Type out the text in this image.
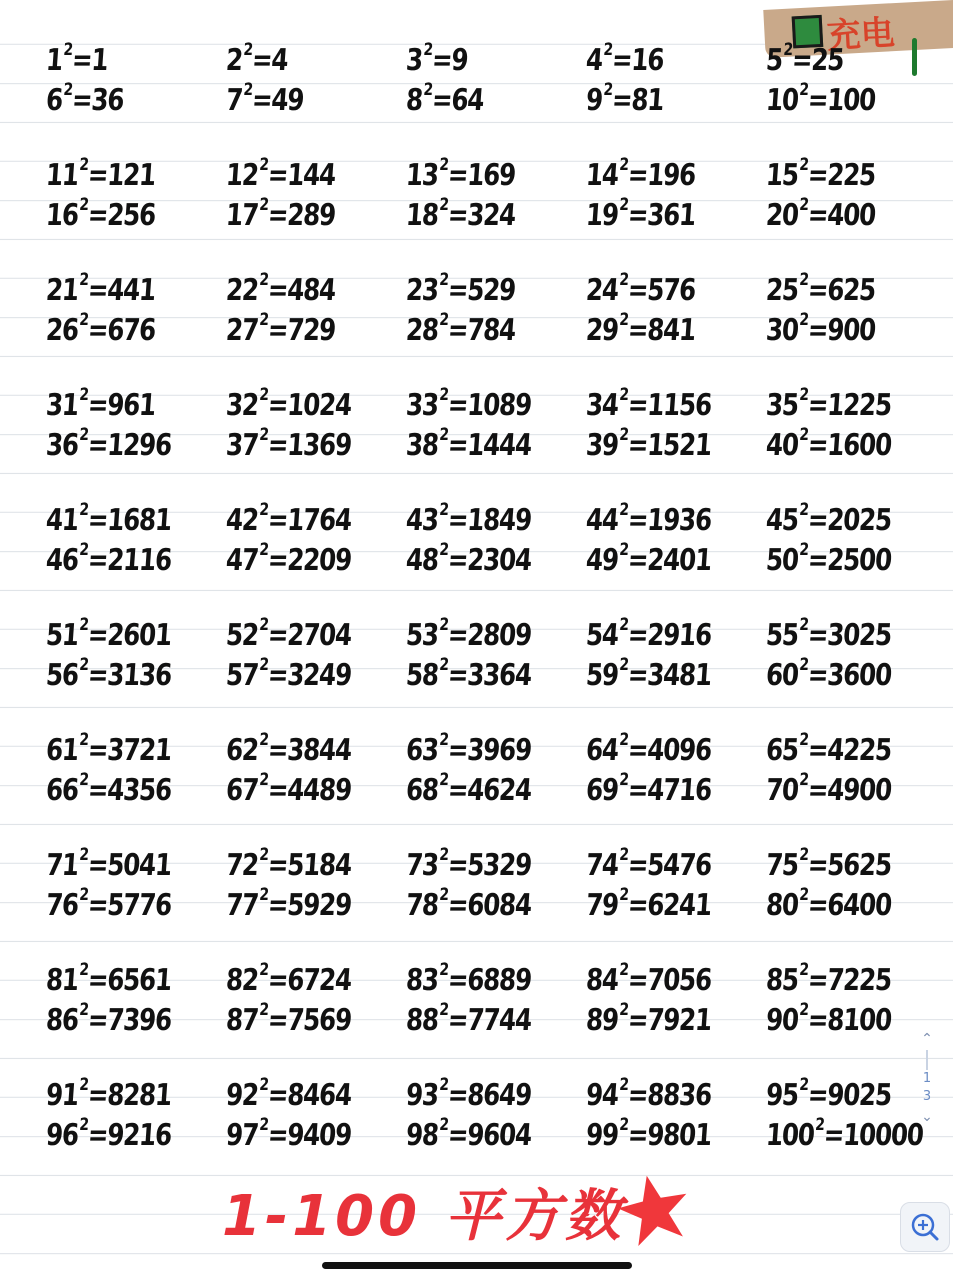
充电
$1^2=1$	$2^2=4$	$3^2=9$	$4^2=16$	$5^2=25$
$6^2=36$	$7^2=49$	$8^2=64$	$9^2=81$	$10^2=100$
$11^2=121$	$12^2=144$	$13^2=169$	$14^2=196$	$15^2=225$
$16^2=256$	$17^2=289$	$18^2=324$	$19^2=361$	$20^2=400$
$21^2=441$	$22^2=484$	$23^2=529$	$24^2=576$	$25^2=625$
$26^2=676$	$27^2=729$	$28^2=784$	$29^2=841$	$30^2=900$
$31^2=961$	$32^2=1024$	$33^2=1089$	$34^2=1156$	$35^2=1225$
$36^2=1296$	$37^2=1369$	$38^2=1444$	$39^2=1521$	$40^2=1600$
$41^2=1681$	$42^2=1764$	$43^2=1849$	$44^2=1936$	$45^2=2025$
$46^2=2116$	$47^2=2209$	$48^2=2304$	$49^2=2401$	$50^2=2500$
$51^2=2601$	$52^2=2704$	$53^2=2809$	$54^2=2916$	$55^2=3025$
$56^2=3136$	$57^2=3249$	$58^2=3364$	$59^2=3481$	$60^2=3600$
$61^2=3721$	$62^2=3844$	$63^2=3969$	$64^2=4096$	$65^2=4225$
$66^2=4356$	$67^2=4489$	$68^2=4624$	$69^2=4716$	$70^2=4900$
$71^2=5041$	$72^2=5184$	$73^2=5329$	$74^2=5476$	$75^2=5625$
$76^2=5776$	$77^2=5929$	$78^2=6084$	$79^2=6241$	$80^2=6400$
$81^2=6561$	$82^2=6724$	$83^2=6889$	$84^2=7056$	$85^2=7225$
$86^2=7396$	$87^2=7569$	$88^2=7744$	$89^2=7921$	$90^2=8100$
$91^2=8281$	$92^2=8464$	$93^2=8649$	$94^2=8836$	$95^2=9025$
$96^2=9216$	$97^2=9409$	$98^2=9604$	$99^2=9801$	$100^2=10000$
1-100 平方数
⌃
1
3
⌄
